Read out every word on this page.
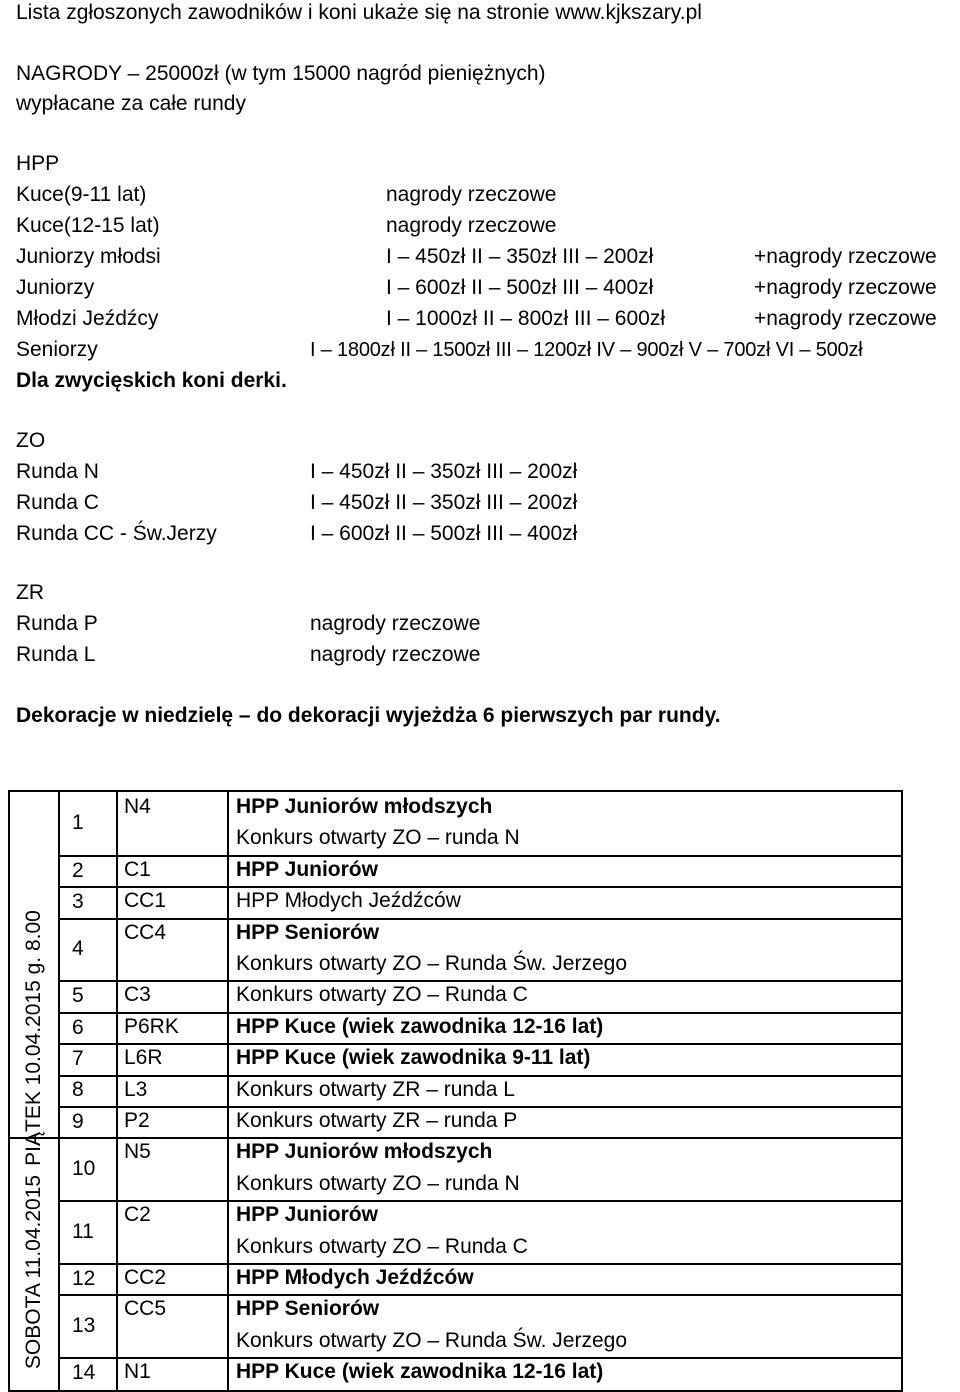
Lista zgłoszonych zawodników i koni ukaże się na stronie www.kjkszary.pl
NAGRODY – 25000zł (w tym 15000 nagród pieniężnych)
wypłacane za całe rundy
HPP
Kuce(9-11 lat)	nagrody rzeczowe
Kuce(12-15 lat)	nagrody rzeczowe
Juniorzy młodsi	I – 450zł II – 350zł III – 200zł	+nagrody rzeczowe
Juniorzy	I – 600zł II – 500zł III – 400zł	+nagrody rzeczowe
Młodzi Jeźdźcy	I – 1000zł II – 800zł III – 600zł	+nagrody rzeczowe
Seniorzy	I – 1800zł II – 1500zł III – 1200zł IV – 900zł V – 700zł VI – 500zł
Dla zwycięskich koni derki.
ZO
Runda N	I – 450zł II – 350zł III – 200zł
Runda C	I – 450zł II – 350zł III – 200zł
Runda CC - Św.Jerzy	I – 600zł II – 500zł III – 400zł
ZR
Runda P	nagrody rzeczowe
Runda L	nagrody rzeczowe
Dekoracje w niedzielę – do dekoracji wyjeżdża 6 pierwszych par rundy.
PIĄTEK 10.04.2015 g. 8.00
SOBOTA 11.04.2015
1
N4	HPP Juniorów młodszych
Konkurs otwarty ZO – runda N
2 C1	HPP Juniorów
3 CC1	HPP Młodych Jeźdźców
4
CC4	HPP Seniorów
Konkurs otwarty ZO – Runda Św. Jerzego
5 C3	Konkurs otwarty ZO – Runda C
6 P6RK	HPP Kuce (wiek zawodnika 12-16 lat)
7 L6R	HPP Kuce (wiek zawodnika 9-11 lat)
8 L3	Konkurs otwarty ZR – runda L
9 P2	Konkurs otwarty ZR – runda P
10
N5	HPP Juniorów młodszych
Konkurs otwarty ZO – runda N
11
C2	HPP Juniorów
Konkurs otwarty ZO – Runda C
12 CC2	HPP Młodych Jeźdźców
13
CC5	HPP Seniorów
Konkurs otwarty ZO – Runda Św. Jerzego
14 N1	HPP Kuce (wiek zawodnika 12-16 lat)
